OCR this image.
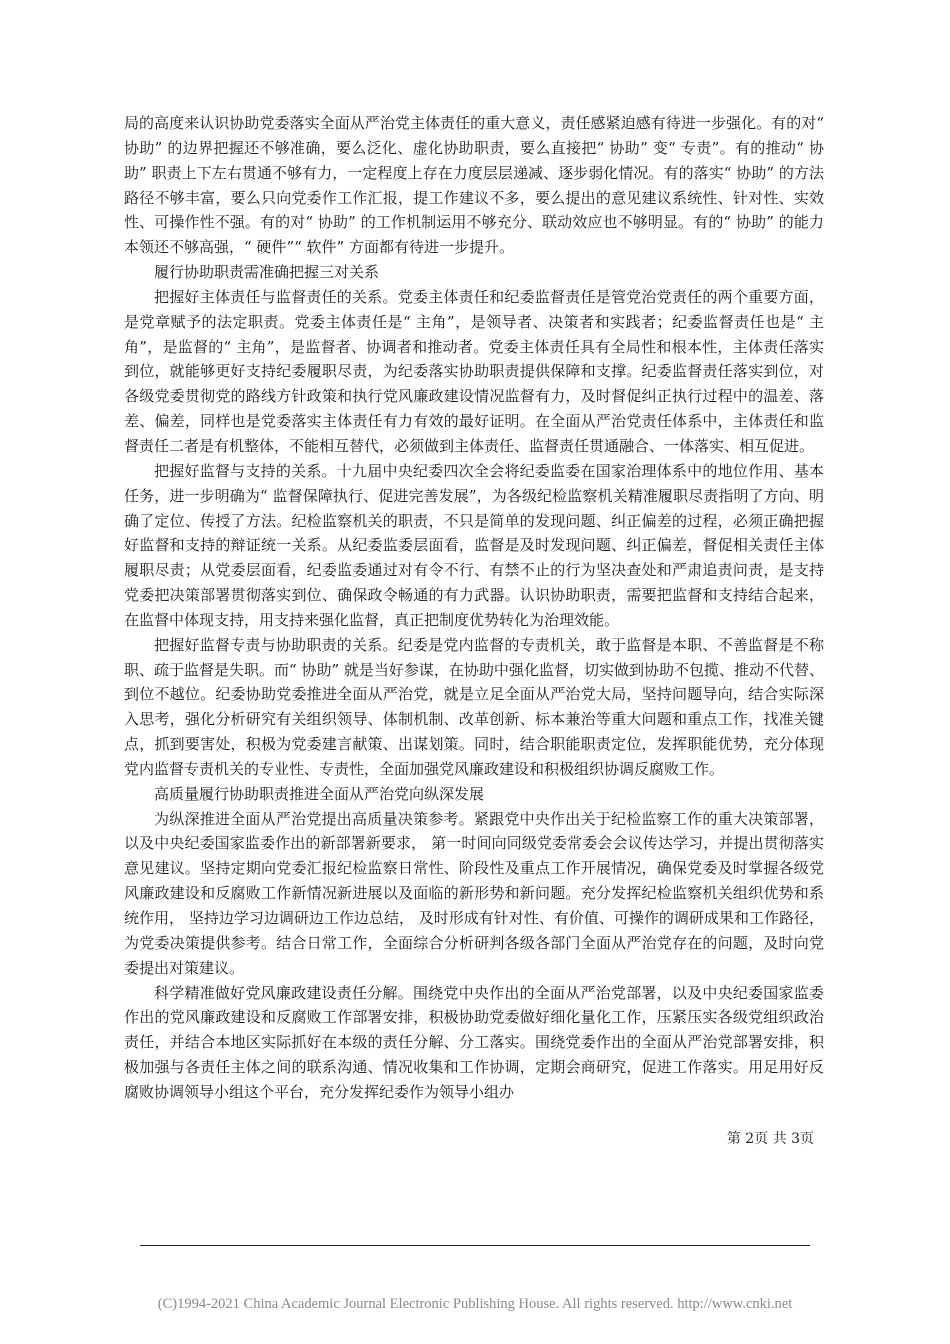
局的高度来认识协助党委落实全面从严治党主体责任的重大意义，责任感紧迫感有待进一步强化。有的对“ 协助” 的边界把握还不够准确，要么泛化、虚化协助职责，要么直接把“ 协助” 变“ 专责”。有的推动“ 协助” 职责上下左右贯通不够有力，一定程度上存在力度层层递减、逐步弱化情况。有的落实“ 协助” 的方法路径不够丰富，要么只向党委作工作汇报，提工作建议不多，要么提出的意见建议系统性、针对性、实效性、可操作性不强。有的对“ 协助” 的工作机制运用不够充分、联动效应也不够明显。有的“ 协助” 的能力本领还不够高强，“ 硬件”“ 软件” 方面都有待进一步提升。

履行协助职责需准确把握三对关系

把握好主体责任与监督责任的关系。党委主体责任和纪委监督责任是管党治党责任的两个重要方面，是党章赋予的法定职责。党委主体责任是“ 主角”，是领导者、决策者和实践者；纪委监督责任也是“ 主角”，是监督的“ 主角”，是监督者、协调者和推动者。党委主体责任具有全局性和根本性，主体责任落实到位，就能够更好支持纪委履职尽责，为纪委落实协助职责提供保障和支撑。纪委监督责任落实到位，对各级党委贯彻党的路线方针政策和执行党风廉政建设情况监督有力，及时督促纠正执行过程中的温差、落差、偏差，同样也是党委落实主体责任有力有效的最好证明。在全面从严治党责任体系中，主体责任和监督责任二者是有机整体，不能相互替代，必须做到主体责任、监督责任贯通融合、一体落实、相互促进。

把握好监督与支持的关系。十九届中央纪委四次全会将纪委监委在国家治理体系中的地位作用、基本任务，进一步明确为“ 监督保障执行、促进完善发展”，为各级纪检监察机关精准履职尽责指明了方向、明确了定位、传授了方法。纪检监察机关的职责，不只是简单的发现问题、纠正偏差的过程，必须正确把握好监督和支持的辩证统一关系。从纪委监委层面看，监督是及时发现问题、纠正偏差，督促相关责任主体履职尽责；从党委层面看，纪委监委通过对有令不行、有禁不止的行为坚决查处和严肃追责问责，是支持党委把决策部署贯彻落实到位、确保政令畅通的有力武器。认识协助职责，需要把监督和支持结合起来，在监督中体现支持，用支持来强化监督，真正把制度优势转化为治理效能。

把握好监督专责与协助职责的关系。纪委是党内监督的专责机关，敢于监督是本职、不善监督是不称职、疏于监督是失职。而“ 协助” 就是当好参谋，在协助中强化监督，切实做到协助不包揽、推动不代替、到位不越位。纪委协助党委推进全面从严治党，就是立足全面从严治党大局，坚持问题导向，结合实际深入思考，强化分析研究有关组织领导、体制机制、改革创新、标本兼治等重大问题和重点工作，找准关键点，抓到要害处，积极为党委建言献策、出谋划策。同时，结合职能职责定位，发挥职能优势，充分体现党内监督专责机关的专业性、专责性，全面加强党风廉政建设和积极组织协调反腐败工作。

高质量履行协助职责推进全面从严治党向纵深发展

为纵深推进全面从严治党提出高质量决策参考。紧跟党中央作出关于纪检监察工作的重大决策部署， 以及中央纪委国家监委作出的新部署新要求， 第一时间向同级党委常委会会议传达学习，并提出贯彻落实意见建议。坚持定期向党委汇报纪检监察日常性、阶段性及重点工作开展情况，确保党委及时掌握各级党风廉政建设和反腐败工作新情况新进展以及面临的新形势和新问题。充分发挥纪检监察机关组织优势和系统作用， 坚持边学习边调研边工作边总结， 及时形成有针对性、有价值、可操作的调研成果和工作路径，为党委决策提供参考。结合日常工作，全面综合分析研判各级各部门全面从严治党存在的问题，及时向党委提出对策建议。

科学精准做好党风廉政建设责任分解。围绕党中央作出的全面从严治党部署，以及中央纪委国家监委作出的党风廉政建设和反腐败工作部署安排，积极协助党委做好细化量化工作，压紧压实各级党组织政治责任，并结合本地区实际抓好在本级的责任分解、分工落实。围绕党委作出的全面从严治党部署安排，积极加强与各责任主体之间的联系沟通、情况收集和工作协调，定期会商研究，促进工作落实。用足用好反腐败协调领导小组这个平台，充分发挥纪委作为领导小组办

第 2页 共 3页
(C)1994-2021 China Academic Journal Electronic Publishing House. All rights reserved. http://www.cnki.net
